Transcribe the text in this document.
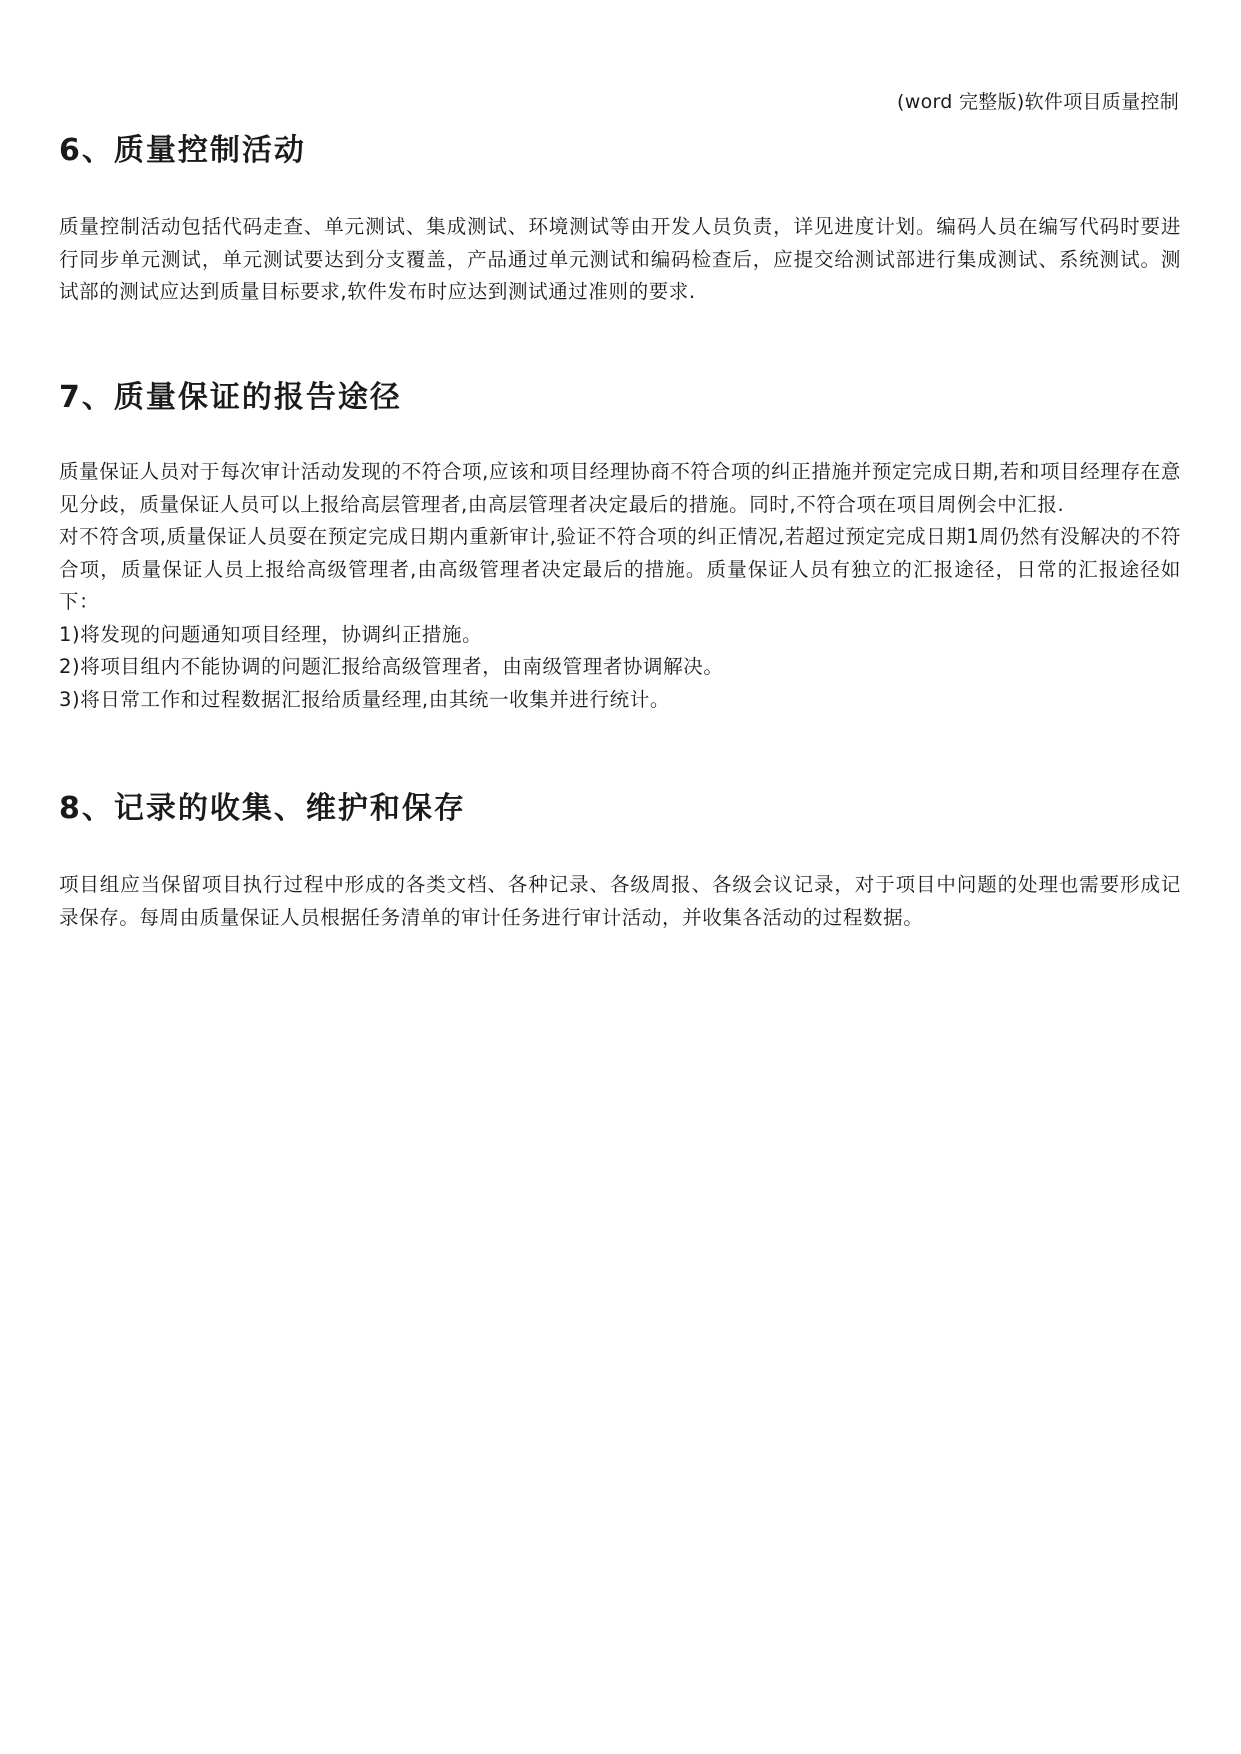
(word 完整版)软件项目质量控制
6、质量控制活动

质量控制活动包括代码走查、单元测试、集成测试、环境测试等由开发人员负责，详见进度计划。编码人员在编写代码时要进行同步单元测试，单元测试要达到分支覆盖，产品通过单元测试和编码检查后，应提交给测试部进行集成测试、系统测试。测试部的测试应达到质量目标要求,软件发布时应达到测试通过准则的要求.

7、质量保证的报告途径

质量保证人员对于每次审计活动发现的不符合项,应该和项目经理协商不符合项的纠正措施并预定完成日期,若和项目经理存在意见分歧，质量保证人员可以上报给高层管理者,由高层管理者决定最后的措施。同时,不符合项在项目周例会中汇报.

对不符含项,质量保证人员耍在预定完成日期内重新审计,验证不符合项的纠正情况,若超过预定完成日期1周仍然有没解决的不符合项，质量保证人员上报给高级管理者,由高级管理者决定最后的措施。质量保证人员有独立的汇报途径，日常的汇报途径如下：

1)将发现的问题通知项目经理，协调纠正措施。

2)将项目组内不能协调的问题汇报给高级管理者，由南级管理者协调解决。

3)将日常工作和过程数据汇报给质量经理,由其统一收集并进行统计。

8、记录的收集、维护和保存

项目组应当保留项目执行过程中形成的各类文档、各种记录、各级周报、各级会议记录，对于项目中问题的处理也需要形成记录保存。每周由质量保证人员根据任务清单的审计任务进行审计活动，并收集各活动的过程数据。
